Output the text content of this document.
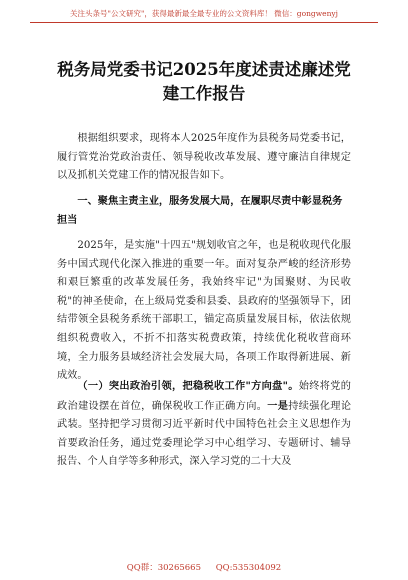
关注头条号"公文研究"，获得最新最全最专业的公文资料库！ 微信：gongwenyj
税务局党委书记2025年度述责述廉述党建工作报告

根据组织要求，现将本人2025年度作为县税务局党委书记，履行管党治党政治责任、领导税收改革发展、遵守廉洁自律规定以及抓机关党建工作的情况报告如下。

一、聚焦主责主业，服务发展大局，在履职尽责中彰显税务担当

2025年，是实施"十四五"规划收官之年，也是税收现代化服务中国式现代化深入推进的重要一年。面对复杂严峻的经济形势和艰巨繁重的改革发展任务，我始终牢记"为国聚财、为民收税"的神圣使命，在上级局党委和县委、县政府的坚强领导下，团结带领全县税务系统干部职工，锚定高质量发展目标，依法依规组织税费收入，不折不扣落实税费政策，持续优化税收营商环境，全力服务县域经济社会发展大局，各项工作取得新进展、新成效。

（一）突出政治引领，把稳税收工作"方向盘"。始终将党的政治建设摆在首位，确保税收工作正确方向。一是持续强化理论武装。坚持把学习贯彻习近平新时代中国特色社会主义思想作为首要政治任务，通过党委理论学习中心组学习、专题研讨、辅导报告、个人自学等多种形式，深入学习党的二十大及

QQ群：30265665 QQ:535304092
